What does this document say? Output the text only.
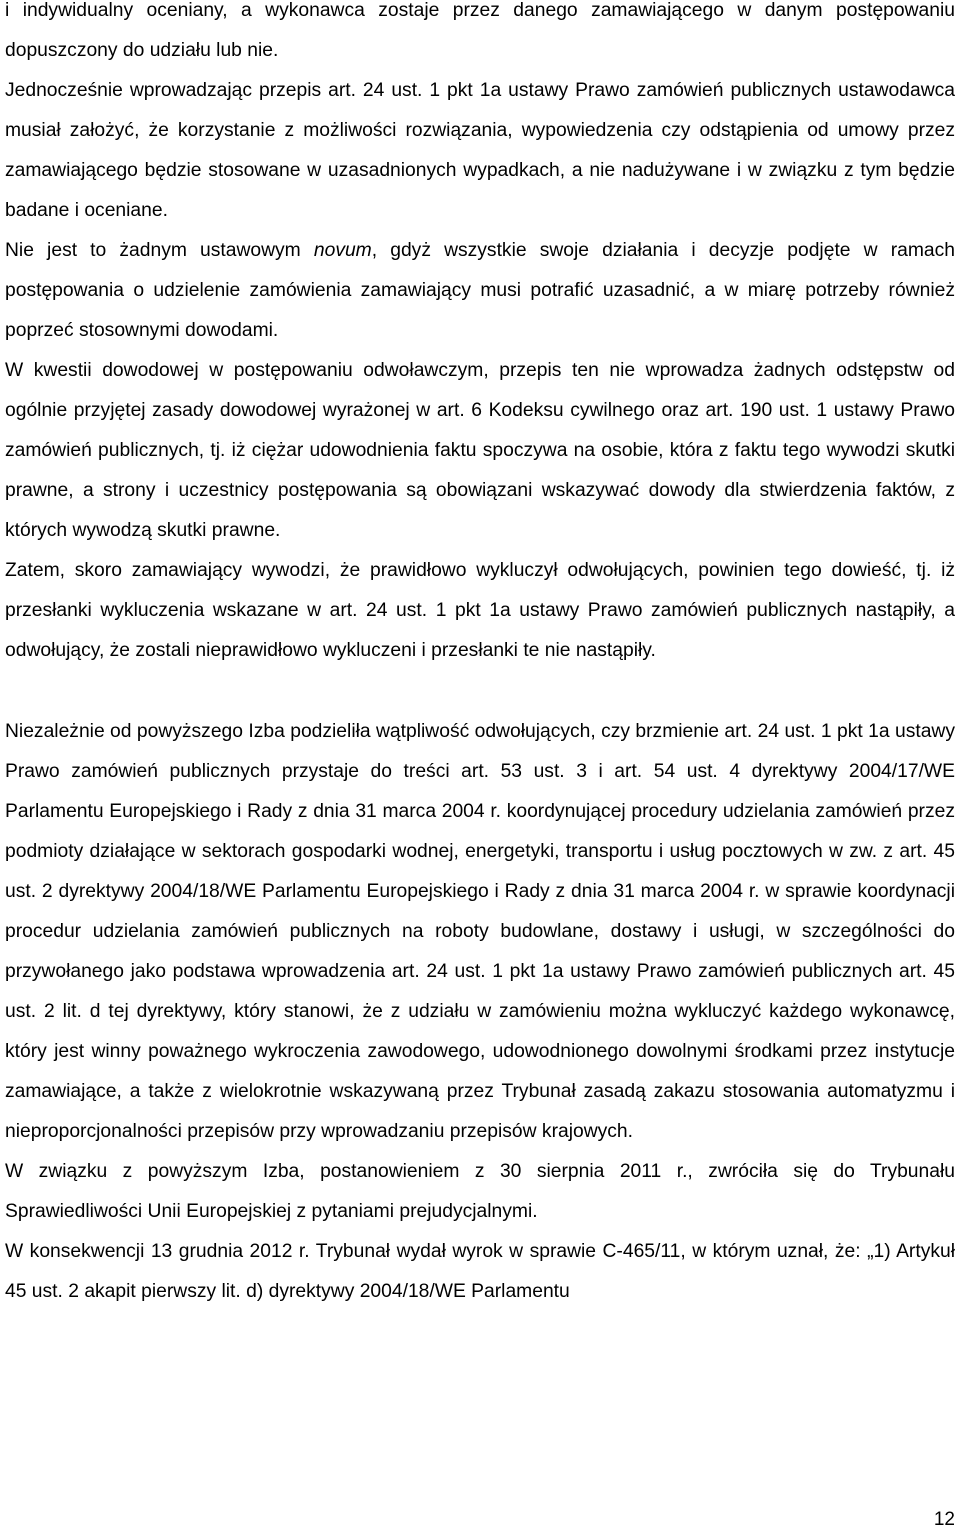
i indywidualny oceniany, a wykonawca zostaje przez danego zamawiającego w danym postępowaniu dopuszczony do udziału lub nie.

Jednocześnie wprowadzając przepis art. 24 ust. 1 pkt 1a ustawy Prawo zamówień publicznych ustawodawca musiał założyć, że korzystanie z możliwości rozwiązania, wypowiedzenia czy odstąpienia od umowy przez zamawiającego będzie stosowane w uzasadnionych wypadkach, a nie nadużywane i w związku z tym będzie badane i oceniane.

Nie jest to żadnym ustawowym novum, gdyż wszystkie swoje działania i decyzje podjęte w ramach postępowania o udzielenie zamówienia zamawiający musi potrafić uzasadnić, a w miarę potrzeby również poprzeć stosownymi dowodami.

W kwestii dowodowej w postępowaniu odwoławczym, przepis ten nie wprowadza żadnych odstępstw od ogólnie przyjętej zasady dowodowej wyrażonej w art. 6 Kodeksu cywilnego oraz art. 190 ust. 1 ustawy Prawo zamówień publicznych, tj. iż ciężar udowodnienia faktu spoczywa na osobie, która z faktu tego wywodzi skutki prawne, a strony i uczestnicy postępowania są obowiązani wskazywać dowody dla stwierdzenia faktów, z których wywodzą skutki prawne.

Zatem, skoro zamawiający wywodzi, że prawidłowo wykluczył odwołujących, powinien tego dowieść, tj. iż przesłanki wykluczenia wskazane w art. 24 ust. 1 pkt 1a ustawy Prawo zamówień publicznych nastąpiły, a odwołujący, że zostali nieprawidłowo wykluczeni i przesłanki te nie nastąpiły.

Niezależnie od powyższego Izba podzieliła wątpliwość odwołujących, czy brzmienie art. 24 ust. 1 pkt 1a ustawy Prawo zamówień publicznych przystaje do treści art. 53 ust. 3 i art. 54 ust. 4 dyrektywy 2004/17/WE Parlamentu Europejskiego i Rady z dnia 31 marca 2004 r. koordynującej procedury udzielania zamówień przez podmioty działające w sektorach gospodarki wodnej, energetyki, transportu i usług pocztowych w zw. z art. 45 ust. 2 dyrektywy 2004/18/WE Parlamentu Europejskiego i Rady z dnia 31 marca 2004 r. w sprawie koordynacji procedur udzielania zamówień publicznych na roboty budowlane, dostawy i usługi, w szczególności do przywołanego jako podstawa wprowadzenia art. 24 ust. 1 pkt 1a ustawy Prawo zamówień publicznych art. 45 ust. 2 lit. d tej dyrektywy, który stanowi, że z udziału w zamówieniu można wykluczyć każdego wykonawcę, który jest winny poważnego wykroczenia zawodowego, udowodnionego dowolnymi środkami przez instytucje zamawiające, a także z wielokrotnie wskazywaną przez Trybunał zasadą zakazu stosowania automatyzmu i nieproporcjonalności przepisów przy wprowadzaniu przepisów krajowych.

W związku z powyższym Izba, postanowieniem z 30 sierpnia 2011 r., zwróciła się do Trybunału Sprawiedliwości Unii Europejskiej z pytaniami prejudycjalnymi.

W konsekwencji 13 grudnia 2012 r. Trybunał wydał wyrok w sprawie C-465/11, w którym uznał, że: „1) Artykuł 45 ust. 2 akapit pierwszy lit. d) dyrektywy 2004/18/WE Parlamentu

12
